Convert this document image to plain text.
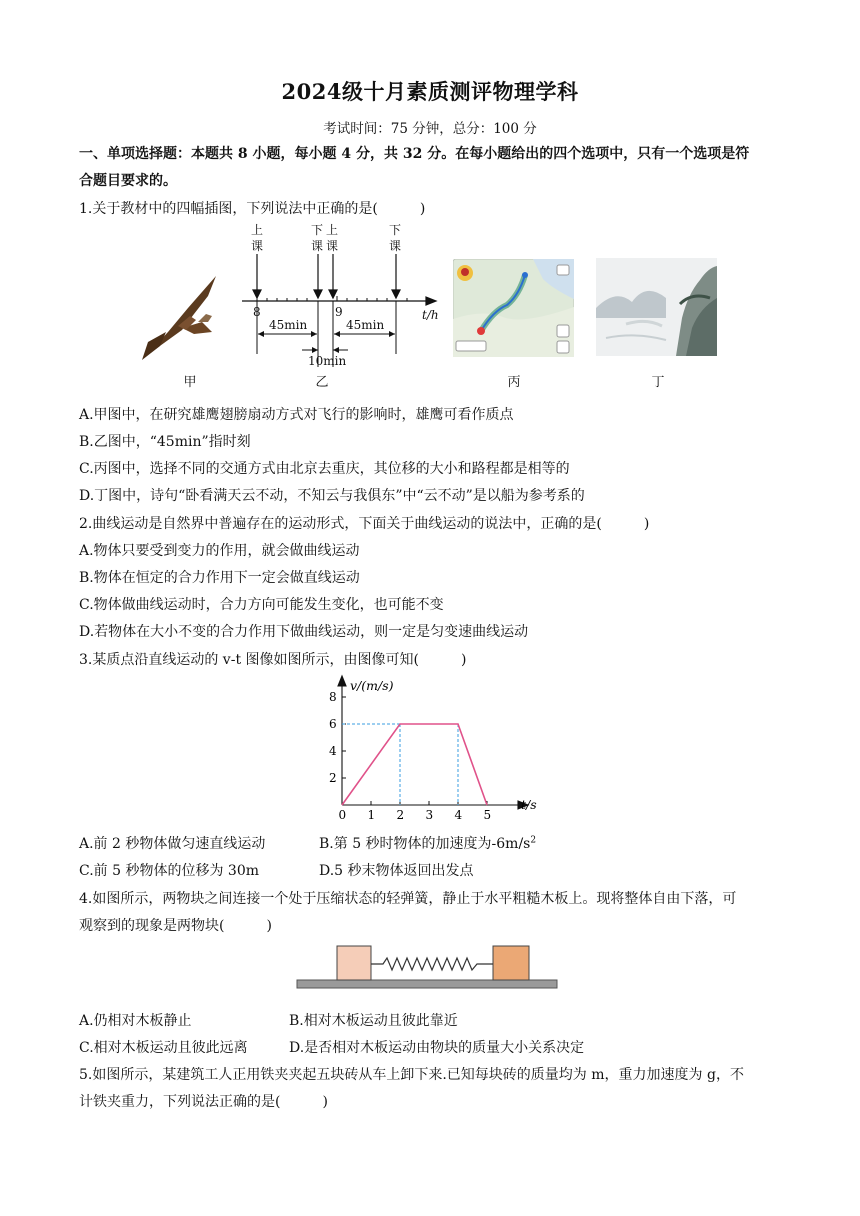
2024级十月素质测评物理学科
考试时间：75 分钟，总分：100 分
一、单项选择题：本题共 8 小题，每小题 4 分，共 32 分。在每小题给出的四个选项中，只有一个选项是符
合题目要求的。
1.关于教材中的四幅插图，下列说法中正确的是(　　　)
上
课
下
课
上
课
下
课
8	9	t/h
45min	45min
10min
甲	乙	丙	丁
A.甲图中，在研究雄鹰翅膀扇动方式对飞行的影响时，雄鹰可看作质点
B.乙图中，“45min”指时刻
C.丙图中，选择不同的交通方式由北京去重庆，其位移的大小和路程都是相等的
D.丁图中，诗句“卧看满天云不动，不知云与我俱东”中“云不动”是以船为参考系的
2.曲线运动是自然界中普遍存在的运动形式，下面关于曲线运动的说法中，正确的是(　　　)
A.物体只要受到变力的作用，就会做曲线运动
B.物体在恒定的合力作用下一定会做直线运动
C.物体做曲线运动时，合力方向可能发生变化，也可能不变
D.若物体在大小不变的合力作用下做曲线运动，则一定是匀变速曲线运动
3.某质点沿直线运动的 v-t 图像如图所示，由图像可知(　　　)
0 1 2 3 4 5
2
4
6
8
v/(m/s)
t/s
A.前 2 秒物体做匀速直线运动	B.第 5 秒时物体的加速度为$-6m/s^2$
C.前 5 秒物体的位移为 30m	D.5 秒末物体返回出发点
4.如图所示，两物块之间连接一个处于压缩状态的轻弹簧，静止于水平粗糙木板上。现将整体自由下落，可
观察到的现象是两物块(　　　)
A.仍相对木板静止	B.相对木板运动且彼此靠近
C.相对木板运动且彼此远离	D.是否相对木板运动由物块的质量大小关系决定
5.如图所示，某建筑工人正用铁夹夹起五块砖从车上卸下来.已知每块砖的质量均为 m，重力加速度为 g，不
计铁夹重力，下列说法正确的是(　　　)
